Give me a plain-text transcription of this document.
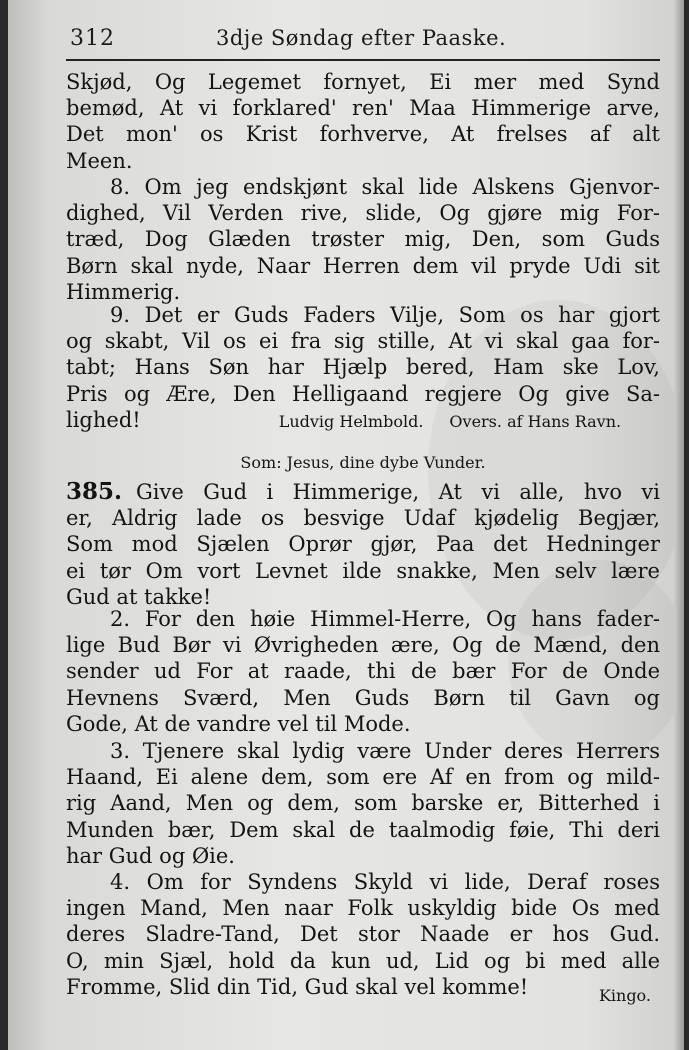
312	3dje Søndag efter Paaske.
Skjød, Og Legemet fornyet, Ei mer med Synd
bemød, At vi forklared' ren' Maa Himmerige arve,
Det mon' os Krist forhverve, At frelses af alt
Meen.
8. Om jeg endskjønt skal lide Alskens Gjenvor-
dighed, Vil Verden rive, slide, Og gjøre mig For-
træd, Dog Glæden trøster mig, Den, som Guds
Børn skal nyde, Naar Herren dem vil pryde Udi sit
Himmerig.
9. Det er Guds Faders Vilje, Som os har gjort
og skabt, Vil os ei fra sig stille, At vi skal gaa for-
tabt; Hans Søn har Hjælp bered, Ham ske Lov,
Pris og Ære, Den Helligaand regjere Og give Sa-
lighed!	Ludvig Helmbold. Overs. af Hans Ravn.
Som: Jesus, dine dybe Vunder.
385. Give Gud i Himmerige, At vi alle, hvo vi
er, Aldrig lade os besvige Udaf kjødelig Begjær,
Som mod Sjælen Oprør gjør, Paa det Hedninger
ei tør Om vort Levnet ilde snakke, Men selv lære
Gud at takke!
2. For den høie Himmel-Herre, Og hans fader-
lige Bud Bør vi Øvrigheden ære, Og de Mænd, den
sender ud For at raade, thi de bær For de Onde
Hevnens Sværd, Men Guds Børn til Gavn og
Gode, At de vandre vel til Mode.
3. Tjenere skal lydig være Under deres Herrers
Haand, Ei alene dem, som ere Af en from og mild-
rig Aand, Men og dem, som barske er, Bitterhed i
Munden bær, Dem skal de taalmodig føie, Thi deri
har Gud og Øie.
4. Om for Syndens Skyld vi lide, Deraf roses
ingen Mand, Men naar Folk uskyldig bide Os med
deres Sladre-Tand, Det stor Naade er hos Gud.
O, min Sjæl, hold da kun ud, Lid og bi med alle
Fromme, Slid din Tid, Gud skal vel komme!	Kingo.
